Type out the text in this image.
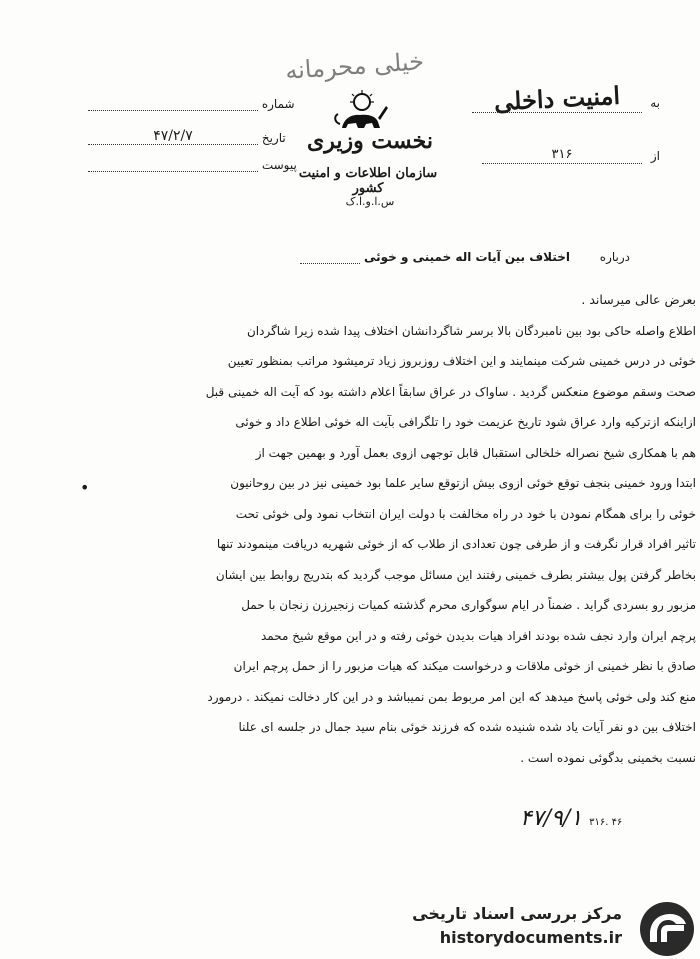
خیلی محرمانه
شماره
تاریخ ۴۷/۲/۷
پیوست
نخست وزیری
سازمان اطلاعات و امنیت کشور
س.ا.و.ا.ک
به
امنیت داخلی
از
۳۱۶
درباره اختلاف بین آیات اله خمینی و خوئی
بعرض عالی میرساند .
اطلاع واصله حاکی بود بین نامبردگان بالا برسر شاگردانشان اختلاف پیدا شده زیرا شاگردان
خوئی در درس خمینی شرکت مینمایند و این اختلاف روزبروز زیاد ترمیشود مراتب بمنظور تعیین
صحت وسقم موضوع منعکس گردید . ساواک در عراق سابقاً اعلام داشته بود که آیت اله خمینی قبل
ازاینکه ازترکیه وارد عراق شود تاریخ عزیمت خود را تلگرافی بآیت اله خوئی اطلاع داد و خوئی
هم با همکاری شیخ نصراله خلخالی استقبال قابل توجهی ازوی بعمل آورد و بهمین جهت از
ابتدا ورود خمینی بنجف توقع خوئی ازوی بیش ازتوقع سایر علما بود خمینی نیز در بین روحانیون
خوئی را برای همگام نمودن با خود در راه مخالفت با دولت ایران انتخاب نمود ولی خوئی تحت
تاثیر افراد قرار نگرفت و از طرفی چون تعدادی از طلاب که از خوئی شهریه دریافت مینمودند تنها
بخاطر گرفتن پول بیشتر بطرف خمینی رفتند این مسائل موجب گردید که بتدریج روابط بین ایشان
مزبور رو بسردی گراید . ضمناً در ایام سوگواری محرم گذشته کمیات زنجیرزن زنجان با حمل
پرچم ایران وارد نجف شده بودند افراد هیات بدیدن خوئی رفته و در این موقع شیخ محمد
صادق با نظر خمینی از خوئی ملاقات و درخواست میکند که هیات مزبور را از حمل پرچم ایران
منع کند ولی خوئی پاسخ میدهد که این امر مربوط بمن نمیباشد و در این کار دخالت نمیکند . درمورد
اختلاف بین دو نفر آیات یاد شده شنیده شده که فرزند خوئی بنام سید جمال در جلسه ای علنا
نسبت بخمینی بدگوئی نموده است .
•
۴۷/۹/۱ ۳۱۶. ۴۶
مرکز بررسی اسناد تاریخی
historydocuments.ir
